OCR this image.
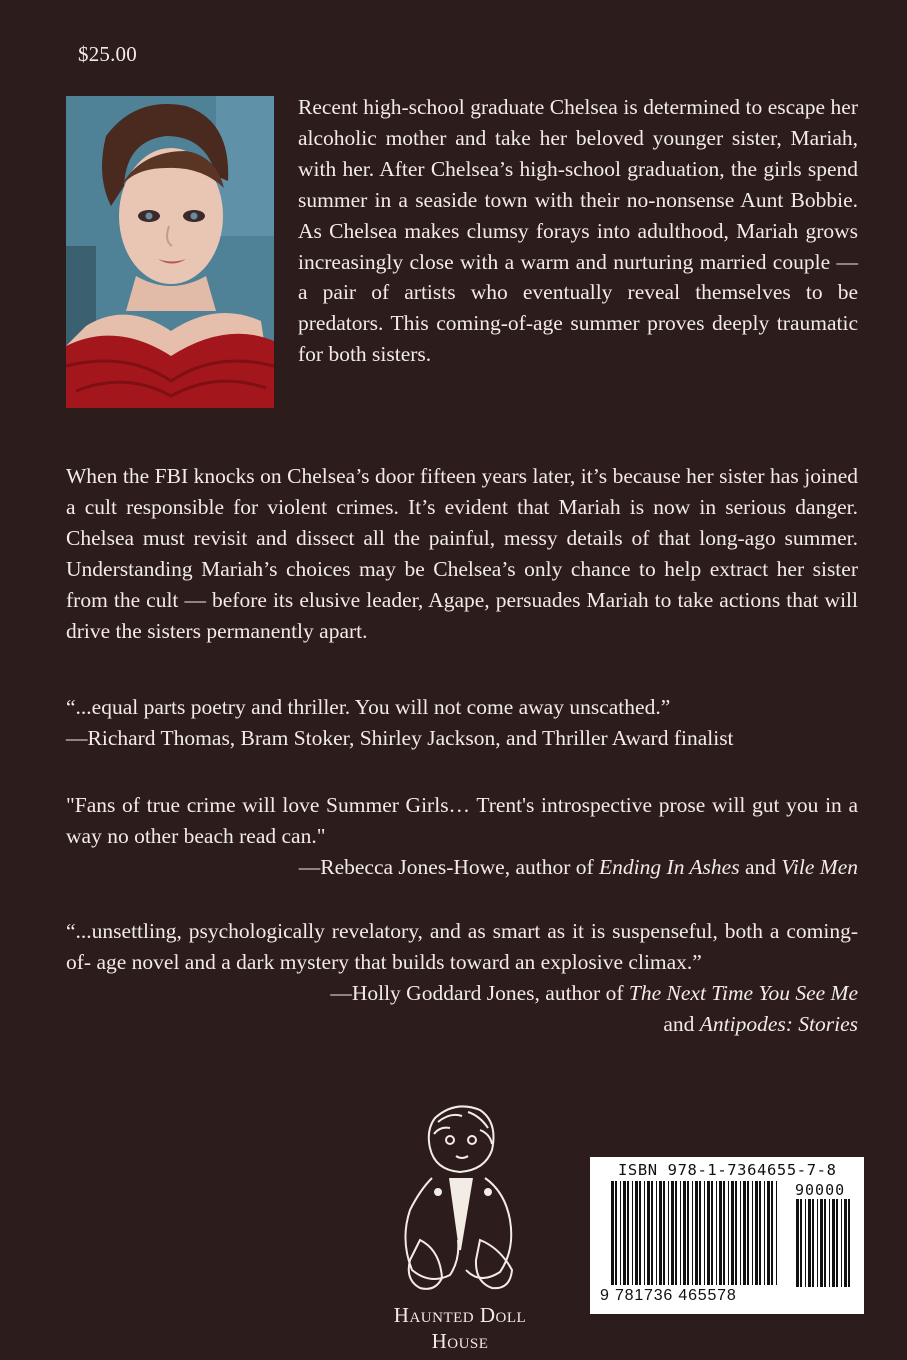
$25.00
Recent high-school graduate Chelsea is determined to escape her alcoholic mother and take her beloved younger sister, Mariah, with her. After Chelsea’s high-school graduation, the girls spend summer in a seaside town with their no-nonsense Aunt Bobbie. As Chelsea makes clumsy forays into adulthood, Mariah grows increasingly close with a warm and nurturing married couple — a pair of artists who eventually reveal themselves to be predators. This coming-of-age summer proves deeply traumatic for both sisters.
When the FBI knocks on Chelsea’s door fifteen years later, it’s because her sister has joined a cult responsible for violent crimes. It’s evident that Mariah is now in serious danger. Chelsea must revisit and dissect all the painful, messy details of that long-ago summer. Understanding Mariah’s choices may be Chelsea’s only chance to help extract her sister from the cult — before its elusive leader, Agape, persuades Mariah to take actions that will drive the sisters permanently apart.
“...equal parts poetry and thriller. You will not come away unscathed.”
—Richard Thomas, Bram Stoker, Shirley Jackson, and Thriller Award finalist
"Fans of true crime will love Summer Girls… Trent's introspective prose will gut you in a way no other beach read can."
—Rebecca Jones-Howe, author of Ending In Ashes and Vile Men
“...unsettling, psychologically revelatory, and as smart as it is suspenseful, both a coming-of- age novel and a dark mystery that builds toward an explosive climax.”
—Holly Goddard Jones, author of The Next Time You See Me
and Antipodes: Stories
Haunted Doll
House
ISBN 978-1-7364655-7-8
90000
9 781736 465578
